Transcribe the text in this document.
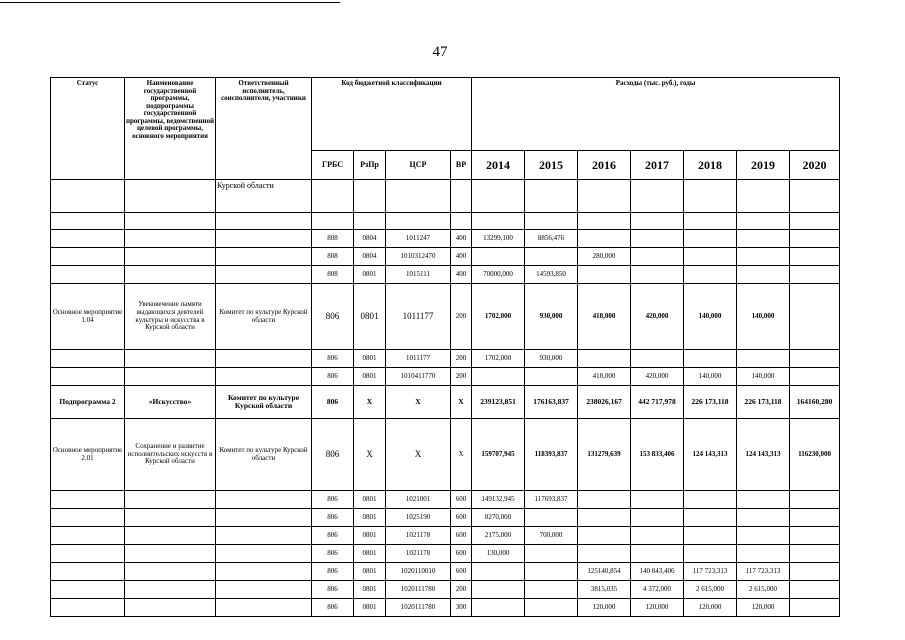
47
Статус	Наименование государственной программы, подпрограммы государственной программы, ведомственной целевой программы, основного мероприятия	Ответственный исполнитель, соисполнители, участники	Код бюджетной классификации				Расходы (тыс. руб.), годы						
			ГРБС	РзПр	ЦСР	ВР	2014	2015	2016	2017	2018	2019	2020
		Курской области											

			808	0804	1011247	400	13299,100	8856,476					
			808	0804	1010312470	400			280,000				
			808	0801	1015111	400	70000,000	14593,850					
Основное мероприятие 1.04	Увековечение памяти выдающихся деятелей культуры и искусства в Курской области	Комитет по культуре Курской области	806	0801	1011177	200	1702,000	930,000	418,000	420,000	140,000	140,000	
			806	0801	1011177	200	1702,000	930,000					
			806	0801	1010411770	200			418,000	420,000	140,000	140,000	
Подпрограмма 2	«Искусство»	Комитет по культуре Курской области	806	Х	Х	Х	239123,851	176163,837	238026,167	442 717,978	226 173,118	226 173,118	164160,280
Основное мероприятие 2.01	Сохранение и развитие исполнительских искусств в Курской области	Комитет по культуре Курской области	806	Х	Х	Х	159707,945	118393,837	131279,639	153 833,406	124 143,313	124 143,313	116230,000
			806	0801	1021001	600	149132,945	117693,837					
			806	0801	1025190	600	8270,000						
			806	0801	1021178	600	2175,000	700,000					
			806	0801	1021178	600	130,000						
			806	0801	1020110010	600			125140,854	140 843,406	117 723,313	117 723,313	
			806	0801	1020111780	200			3815,035	4 372,000	2 615,000	2 615,000	
			806	0801	1020111780	300			120,000	120,000	120,000	120,000	
